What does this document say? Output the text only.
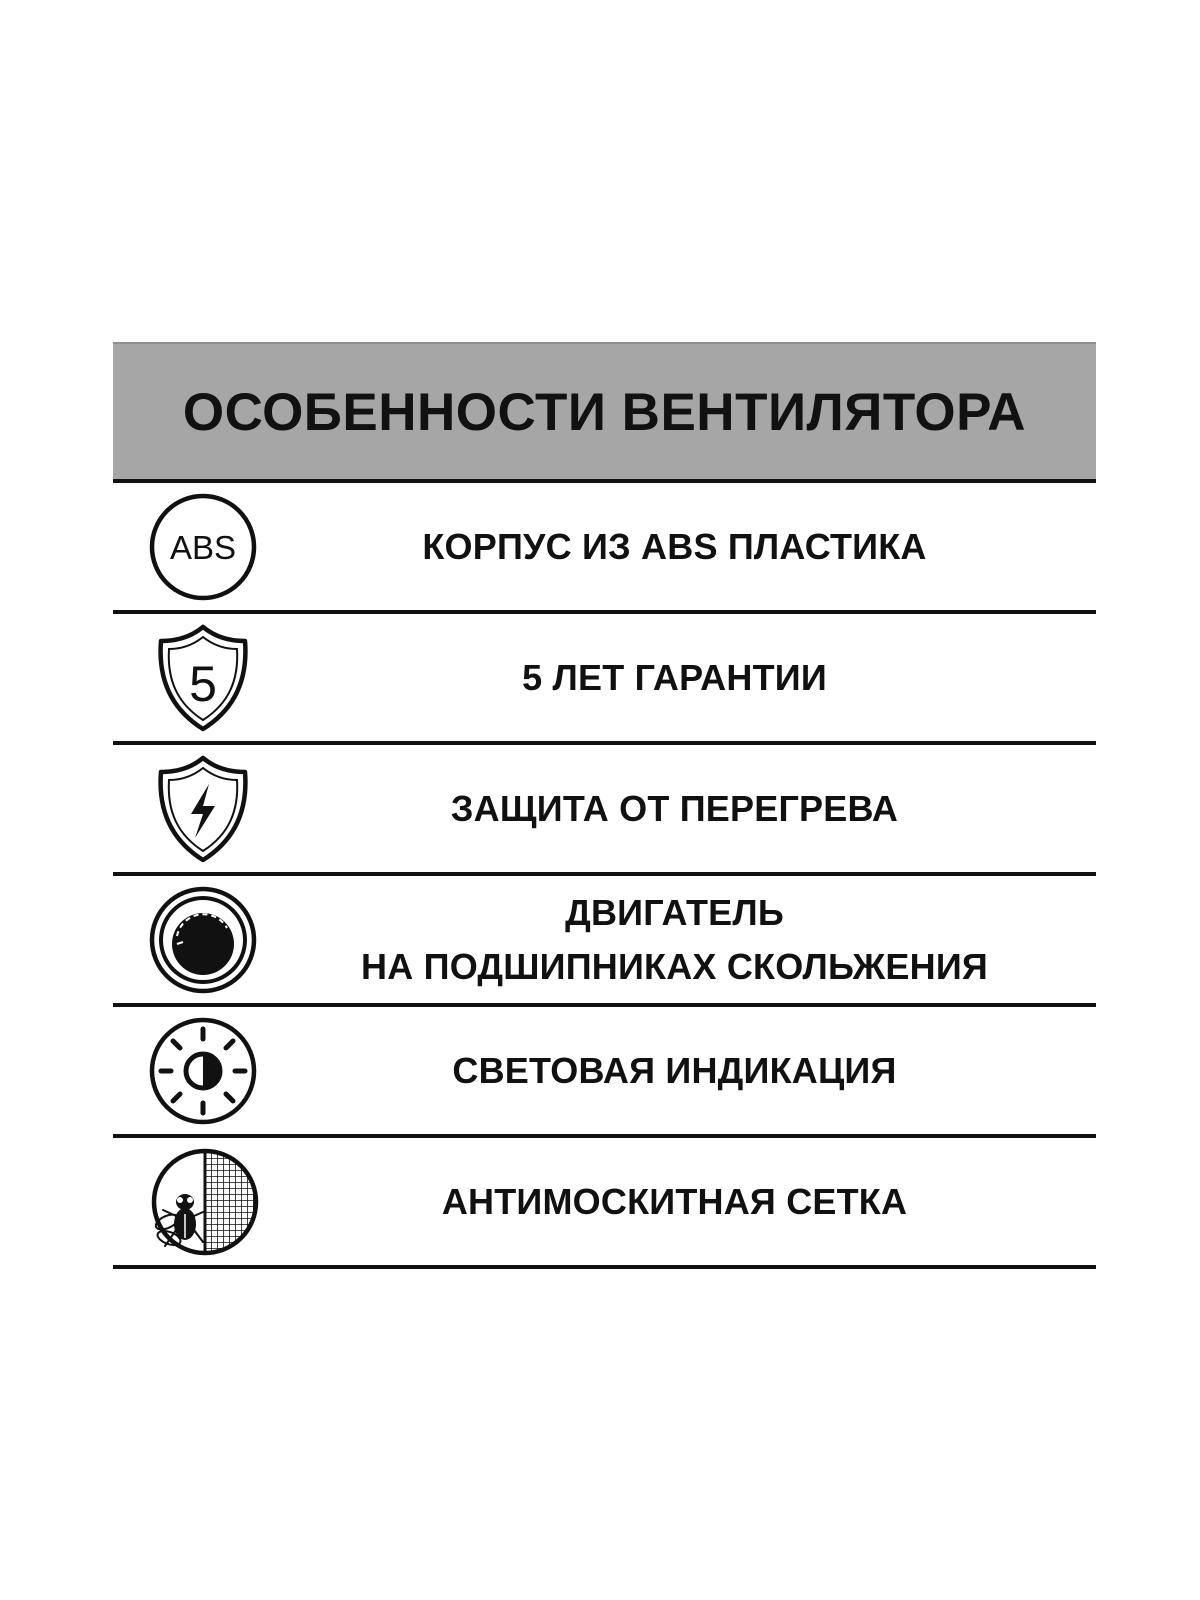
ОСОБЕННОСТИ ВЕНТИЛЯТОРА
ABS	КОРПУС ИЗ ABS ПЛАСТИКА
5	5 ЛЕТ ГАРАНТИИ
ЗАЩИТА ОТ ПЕРЕГРЕВА
ДВИГАТЕЛЬ
НА ПОДШИПНИКАХ СКОЛЬЖЕНИЯ
СВЕТОВАЯ ИНДИКАЦИЯ
АНТИМОСКИТНАЯ СЕТКА
